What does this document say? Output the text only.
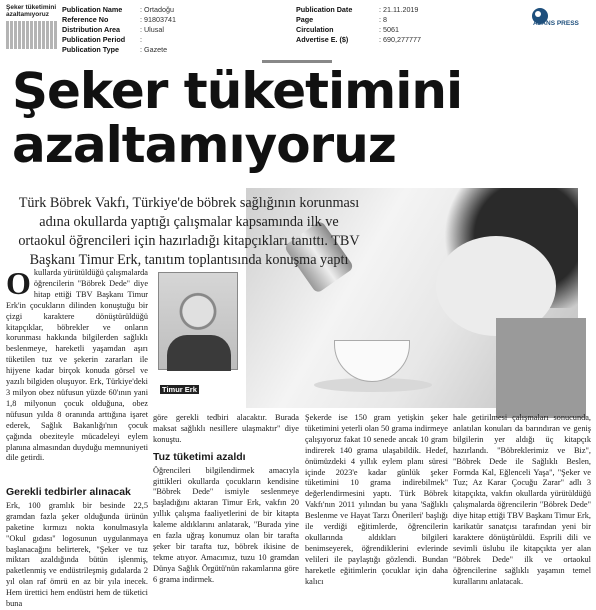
Şeker tüketimini azaltamıyoruz
Publication Name	: Ortadoğu
Reference No	: 91803741
Distribution Area	: Ulusal
Publication Period	:
Publication Type	: Gazete
Publication Date	: 21.11.2019
Page	: 8
Circulation	: 5061
Advertise E. ($)	: 690,277777
AJANS PRESS
Şeker tüketimini
azaltamıyoruz
Türk Böbrek Vakfı, Türkiye'de böbrek sağlığının korunması adına okullarda yaptığı çalışmalar kapsamında ilk ve ortaokul öğrencileri için hazırladığı kitapçıkları tanıttı. TBV Başkanı Timur Erk, tanıtım toplantısında konuşma yaptı
O kullarda yürütüldüğü çalışmalarda öğrencilerin "Böbrek Dede" diye hitap ettiği TBV Başkanı Timur Erk'in çocukların dilinden konuştuğu bir çizgi karaktere dönüştürüldüğü kitapçıklar, böbrekler ve onların korunması hakkında bilgilerden sağlıklı beslenmeye, hareketli yaşamdan aşırı tüketilen tuz ve şekerin zararları ile hijyene kadar birçok konuda görsel ve yazılı bilgiden oluşuyor. Erk, Türkiye'deki 3 milyon obez nüfusun yüzde 60'ının yani 1,8 milyonun çocuk olduğuna, obez nüfusun yılda 8 oranında arttığına işaret ederek, Sağlık Bakanlığı'nın çocuk çağında obeziteyle mücadeleyi eylem planına almasından duyduğu memnuniyeti dile getirdi.

Timur Erk
Gerekli tedbirler alınacak

Erk, 100 gramlık bir besinde 22,5 gramdan fazla şeker olduğunda ürünün paketine kırmızı nokta konulmasıyla "Okul gıdası" logosunun uygulanmaya başlanacağını belirterek, "Şeker ve tuz miktarı azaldığında bütün işlenmiş, paketlenmiş ve endüstrileşmiş gıdalarda 2 yıl olan raf ömrü en az bir yıla inecek. Hem ürettici hem endüstri hem de tüketici buna

göre gerekli tedbiri alacaktır. Burada maksat sağlıklı nesillere ulaşmaktır" diye konuştu.

Tuz tüketimi azaldı

Öğrencileri bilgilendirmek amacıyla gittikleri okullarda çocukların kendisine "Böbrek Dede" ismiyle seslenmeye başladığını aktaran Timur Erk, vakfın 20 yıllık çalışma faaliyetlerini de bir kitapta kaleme aldıklarını anlatarak, "Burada yine en fazla uğraş konumuz olan bir tarafta şeker bir tarafta tuz, böbrek ikisine de tekme atıyor. Amacımız, tuzu 10 gramdan Dünya Sağlık Örgütü'nün rakamlarına göre 6 grama indirmek.

Şekerde ise 150 gram yetişkin şeker tüketimini yeterli olan 50 grama indirmeye çalışıyoruz fakat 10 senede ancak 10 gram indirerek 140 grama ulaşabildik. Hedef, önümüzdeki 4 yıllık eylem planı süresi içinde 2023'e kadar günlük şeker tüketimini 10 grama indirebilmek" değerlendirmesini yaptı. Türk Böbrek Vakfı'nın 2011 yılından bu yana 'Sağlıklı Beslenme ve Hayat Tarzı Önerileri' başlığı ile verdiği eğitimlerde, öğrencilerin okullarında aldıkları bilgileri benimseyerek, öğrendiklerini evlerinde velileri ile paylaştığı gözlendi. Bundan hareketle eğitimlerin çocuklar için daha kalıcı

hale getirilmesi çalışmaları sonucunda, anlatılan konuları da barındıran ve geniş bilgilerin yer aldığı üç kitapçık hazırlandı. "Böbreklerimiz ve Biz", "Böbrek Dede ile Sağlıklı Beslen, Formda Kal, Eğlenceli Yaşa", "Şeker ve Tuz; Az Karar Çocuğu Zarar" adlı 3 kitapçıkta, vakfın okullarda yürütüldüğü çalışmalarda öğrencilerin "Böbrek Dede" diye hitap ettiği TBV Başkanı Timur Erk, karikatür sanatçısı tarafından yeni bir karaktere dönüştürüldü. Esprili dili ve sevimli üslubu ile kitapçıkta yer alan "Böbrek Dede" ilk ve ortaokul öğrencilerine sağlıklı yaşamın temel kurallarını anlatacak.
